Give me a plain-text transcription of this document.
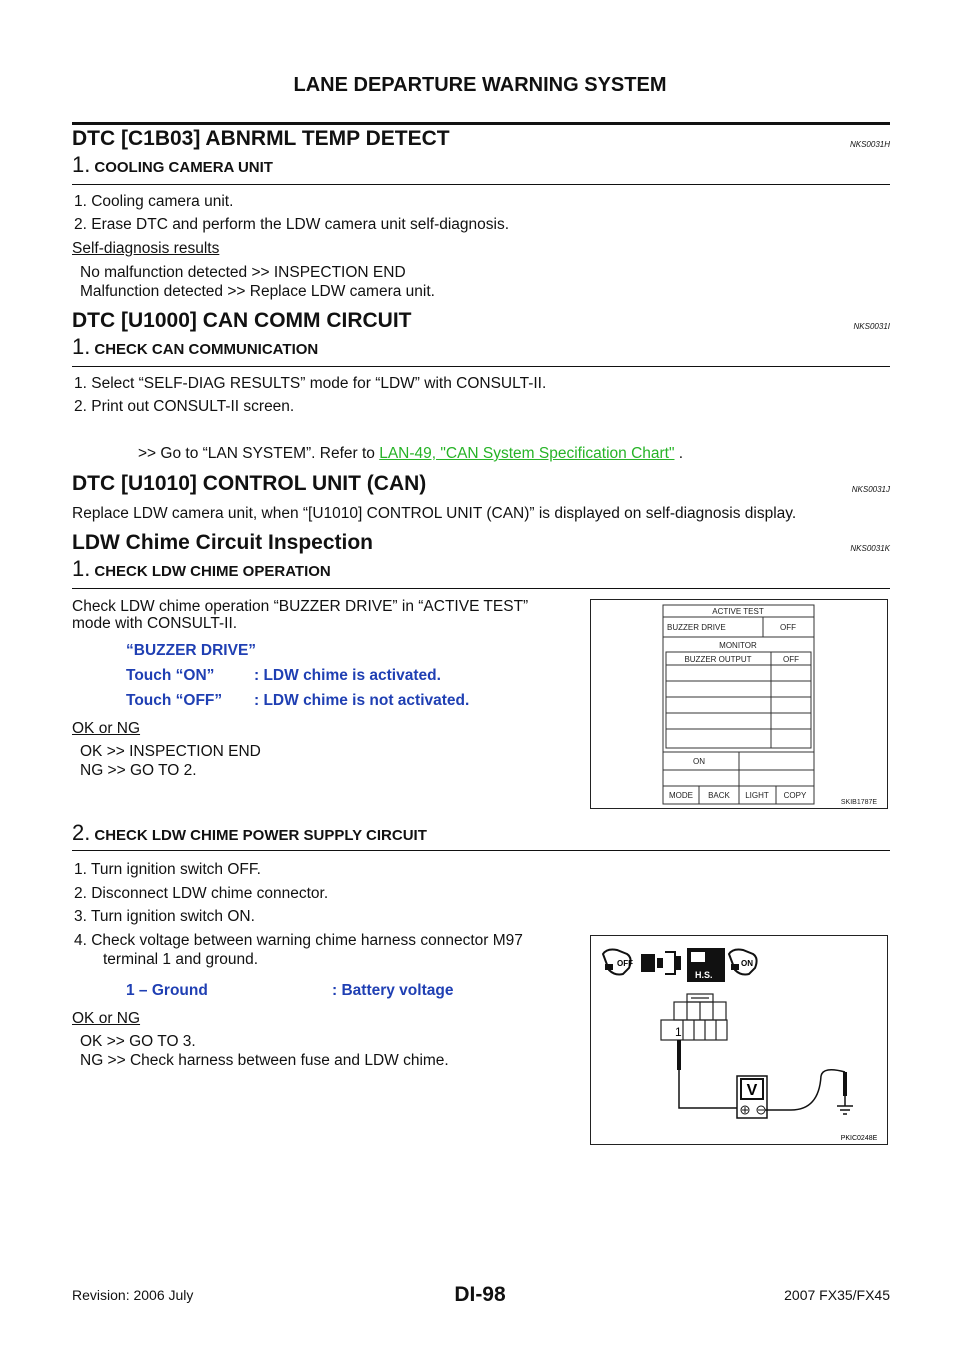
LANE DEPARTURE WARNING SYSTEM
DTC [C1B03] ABNRML TEMP DETECT	NKS0031H
1. COOLING CAMERA UNIT
1. Cooling camera unit.
2. Erase DTC and perform the LDW camera unit self-diagnosis.
Self-diagnosis results
No malfunction detected >> INSPECTION END
Malfunction detected >> Replace LDW camera unit.
DTC [U1000] CAN COMM CIRCUIT	NKS0031I
1. CHECK CAN COMMUNICATION
1. Select “SELF-DIAG RESULTS” mode for “LDW” with CONSULT-II.
2. Print out CONSULT-II screen.
>> Go to “LAN SYSTEM”. Refer to LAN-49, "CAN System Specification Chart" .
DTC [U1010] CONTROL UNIT (CAN)	NKS0031J
Replace LDW camera unit, when “[U1010] CONTROL UNIT (CAN)” is displayed on self-diagnosis display.
LDW Chime Circuit Inspection	NKS0031K
1. CHECK LDW CHIME OPERATION
Check LDW chime operation “BUZZER DRIVE” in “ACTIVE TEST”
mode with CONSULT-II.
“BUZZER DRIVE”
Touch “ON”	: LDW chime is activated.
Touch “OFF” : LDW chime is not activated.
OK or NG
OK >> INSPECTION END
NG >> GO TO 2.
ACTIVE TEST
BUZZER DRIVE	OFF
MONITOR
BUZZER OUTPUT	OFF
ON
MODE BACK LIGHT COPY
SKIB1787E
2. CHECK LDW CHIME POWER SUPPLY CIRCUIT
1. Turn ignition switch OFF.
2. Disconnect LDW chime connector.
3. Turn ignition switch ON.
4. Check voltage between warning chime harness connector M97
terminal 1 and ground.
1 – Ground	: Battery voltage
OK or NG
OK >> GO TO 3.
NG >> Check harness between fuse and LDW chime.
OFF
H.S.
ON
1
V
PKIC0248E
Revision: 2006 July	DI-98	2007 FX35/FX45
